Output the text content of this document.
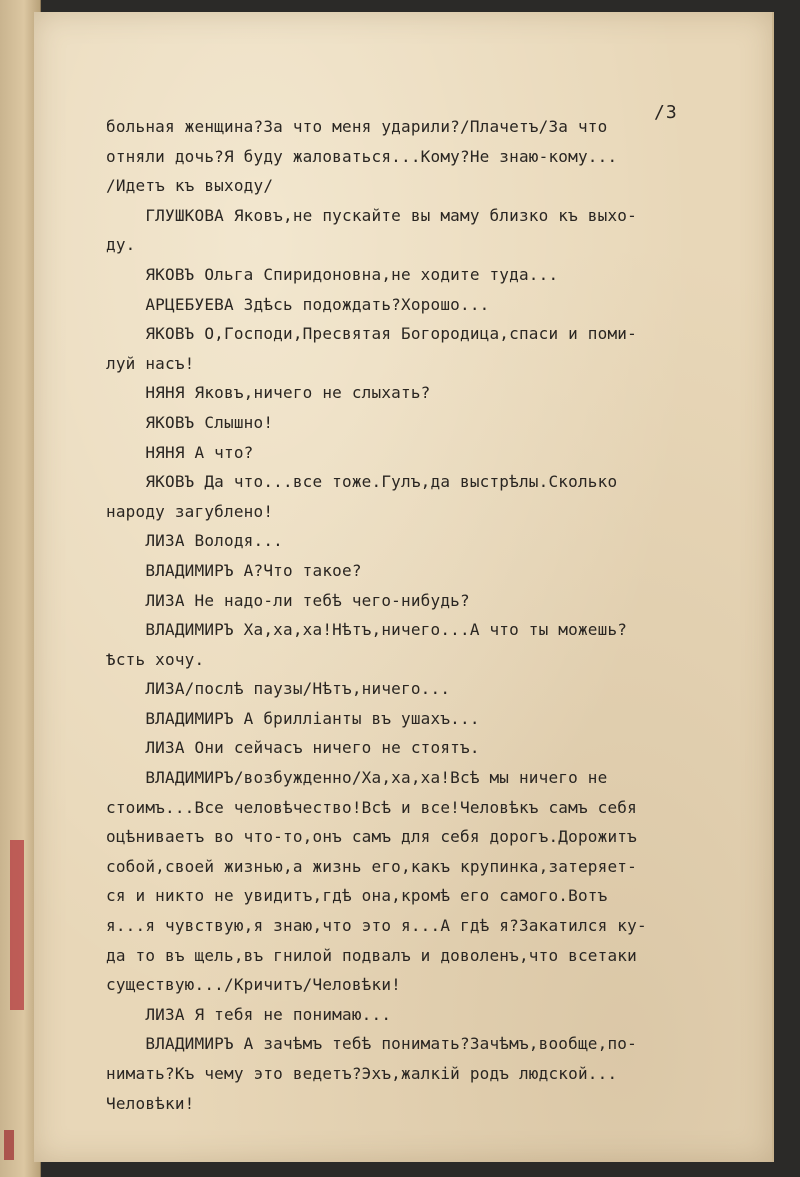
/3
больная женщина?За что меня ударили?/Плачетъ/За что
отняли дочь?Я буду жаловаться...Кому?Не знаю-кому...
/Идетъ къ выходу/
ГЛУШКОВА Яковъ,не пускайте вы маму близко къ выхо-
ду.
ЯКОВЪ Ольга Спиридоновна,не ходите туда...
АРЦЕБУЕВА Здѣсь подождать?Хорошо...
ЯКОВЪ О,Господи,Пресвятая Богородица,спаси и поми-
луй насъ!
НЯНЯ Яковъ,ничего не слыхать?
ЯКОВЪ Слышно!
НЯНЯ А что?
ЯКОВЪ Да что...все тоже.Гулъ,да выстрѣлы.Сколько
народу загублено!
ЛИЗА Володя...
ВЛАДИМИРЪ А?Что такое?
ЛИЗА Не надо-ли тебѣ чего-нибудь?
ВЛАДИМИРЪ Ха,ха,ха!Нѣтъ,ничего...А что ты можешь?
Ѣсть хочу.
ЛИЗА/послѣ паузы/Нѣтъ,ничего...
ВЛАДИМИРЪ А брилліанты въ ушахъ...
ЛИЗА Они сейчасъ ничего не стоятъ.
ВЛАДИМИРЪ/возбужденно/Ха,ха,ха!Всѣ мы ничего не
стоимъ...Все человѣчество!Всѣ и все!Человѣкъ самъ себя
оцѣниваетъ во что-то,онъ самъ для себя дорогъ.Дорожитъ
собой,своей жизнью,а жизнь его,какъ крупинка,затеряет-
ся и никто не увидитъ,гдѣ она,кромѣ его самого.Вотъ
я...я чувствую,я знаю,что это я...А гдѣ я?Закатился ку-
да то въ щель,въ гнилой подвалъ и доволенъ,что всетаки
существую.../Кричитъ/Человѣки!
ЛИЗА Я тебя не понимаю...
ВЛАДИМИРЪ А зачѣмъ тебѣ понимать?Зачѣмъ,вообще,по-
нимать?Къ чему это ведетъ?Эхъ,жалкій родъ людской...
Человѣки!
